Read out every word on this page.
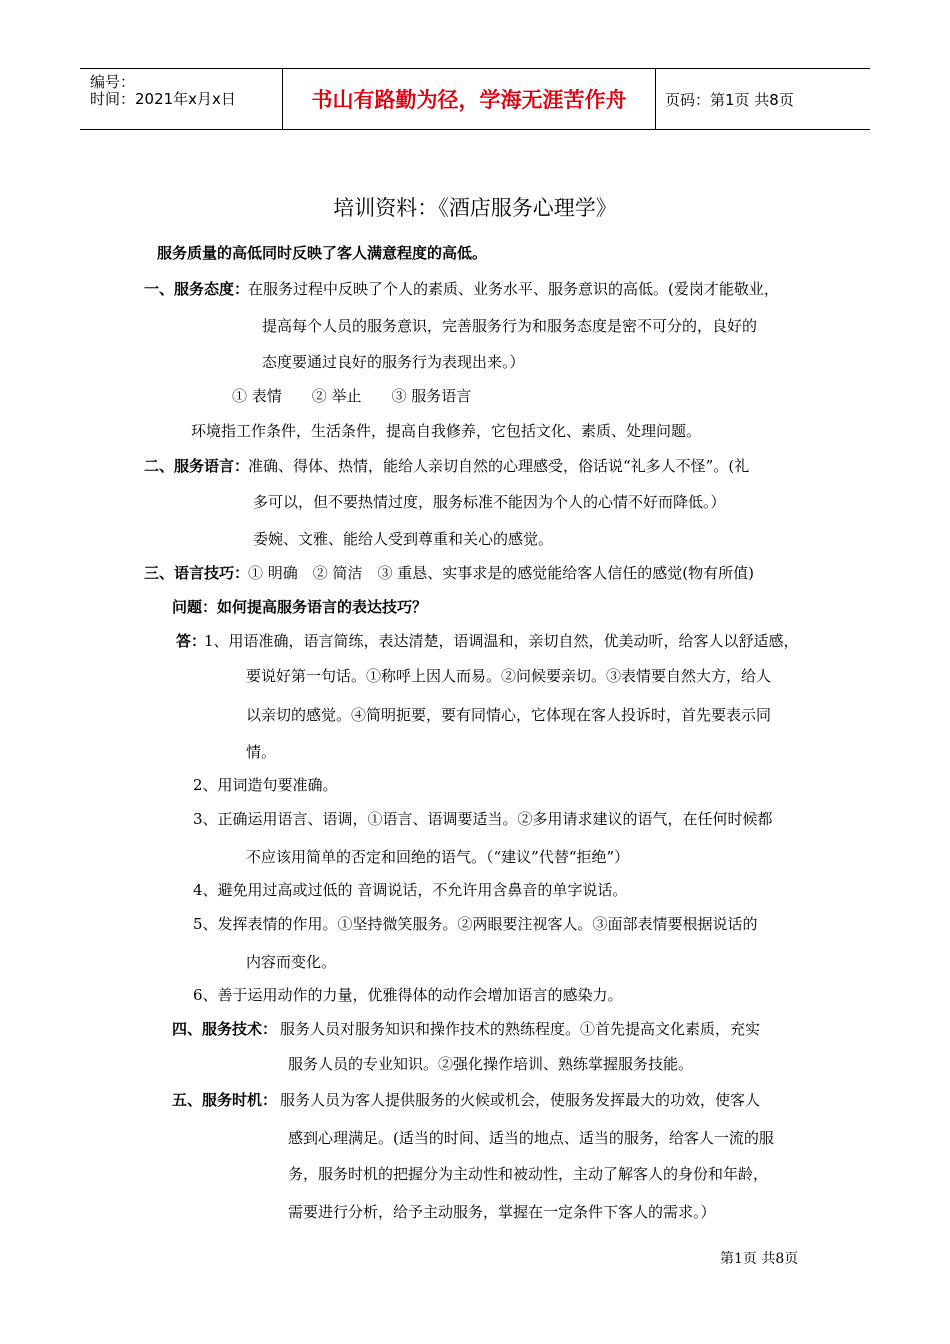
编号：
时间：2021年x月x日	书山有路勤为径，学海无涯苦作舟	页码：第1页 共8页
培训资料：《酒店服务心理学》
服务质量的高低同时反映了客人满意程度的高低。
一、服务态度：
在服务过程中反映了个人的素质、业务水平、服务意识的高低。(爱岗才能敬业，
提高每个人员的服务意识，完善服务行为和服务态度是密不可分的，良好的
态度要通过良好的服务行为表现出来。）
① 表情　　② 举止　　③ 服务语言
环境指工作条件，生活条件，提高自我修养，它包括文化、素质、处理问题。
二、服务语言：
准确、得体、热情，能给人亲切自然的心理感受，俗话说“礼多人不怪”。(礼
多可以，但不要热情过度，服务标准不能因为个人的心情不好而降低。）
委婉、文雅、能给人受到尊重和关心的感觉。
三、语言技巧：
① 明确　② 简洁　③ 重恳、实事求是的感觉能给客人信任的感觉(物有所值)
问题：如何提高服务语言的表达技巧？
答：
1、用语准确，语言简练，表达清楚，语调温和，亲切自然，优美动听，给客人以舒适感，
要说好第一句话。①称呼上因人而易。②问候要亲切。③表情要自然大方，给人
以亲切的感觉。④简明扼要，要有同情心，它体现在客人投诉时，首先要表示同
情。
2、用词造句要准确。
3、正确运用语言、语调，①语言、语调要适当。②多用请求建议的语气，在任何时候都
不应该用简单的否定和回绝的语气。（“建议”代替“拒绝”）
4、避免用过高或过低的 音调说话，不允许用含鼻音的单字说话。
5、发挥表情的作用。①坚持微笑服务。②两眼要注视客人。③面部表情要根据说话的
内容而变化。
6、善于运用动作的力量，优雅得体的动作会增加语言的感染力。
四、服务技术： 服务人员对服务知识和操作技术的熟练程度。①首先提高文化素质，充实
服务人员的专业知识。②强化操作培训、熟练掌握服务技能。
五、服务时机： 服务人员为客人提供服务的火候或机会，使服务发挥最大的功效，使客人
感到心理满足。(适当的时间、适当的地点、适当的服务，给客人一流的服
务，服务时机的把握分为主动性和被动性，主动了解客人的身份和年龄，
需要进行分析，给予主动服务，掌握在一定条件下客人的需求。）
第1页 共8页
